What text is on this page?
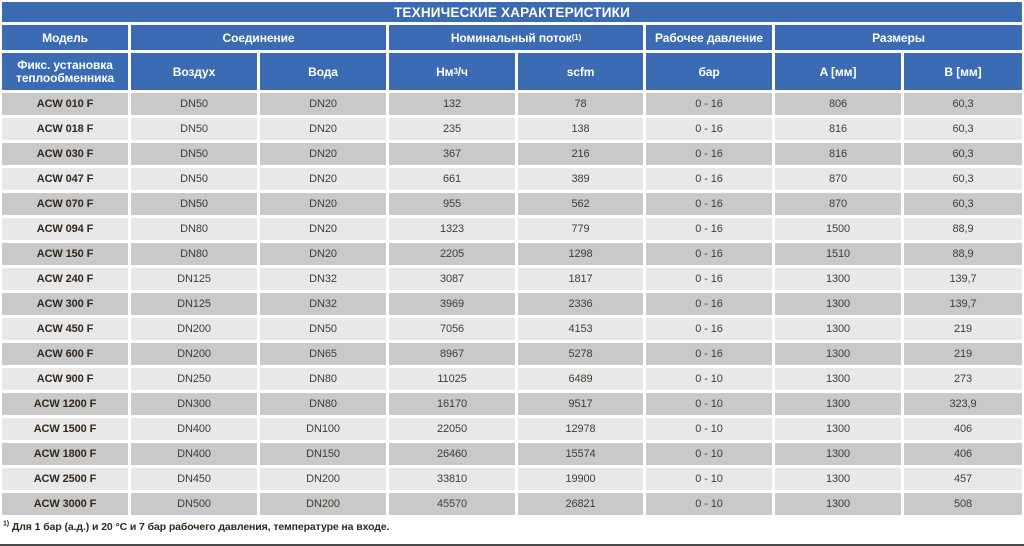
ТЕХНИЧЕСКИЕ ХАРАКТЕРИСТИКИ
Модель	Соединение	Номинальный поток (1)	Рабочее давление	Размеры
Фикс. установка теплообменника	Воздух	Вода	Нм 3 /ч	scfm	бар	A [мм]	B [мм]
ACW 010 F	DN50	DN20	132	78	0 - 16	806	60,3
ACW 018 F	DN50	DN20	235	138	0 - 16	816	60,3
ACW 030 F	DN50	DN20	367	216	0 - 16	816	60,3
ACW 047 F	DN50	DN20	661	389	0 - 16	870	60,3
ACW 070 F	DN50	DN20	955	562	0 - 16	870	60,3
ACW 094 F	DN80	DN20	1323	779	0 - 16	1500	88,9
ACW 150 F	DN80	DN20	2205	1298	0 - 16	1510	88,9
ACW 240 F	DN125	DN32	3087	1817	0 - 16	1300	139,7
ACW 300 F	DN125	DN32	3969	2336	0 - 16	1300	139,7
ACW 450 F	DN200	DN50	7056	4153	0 - 16	1300	219
ACW 600 F	DN200	DN65	8967	5278	0 - 16	1300	219
ACW 900 F	DN250	DN80	11025	6489	0 - 10	1300	273
ACW 1200 F	DN300	DN80	16170	9517	0 - 10	1300	323,9
ACW 1500 F	DN400	DN100	22050	12978	0 - 10	1300	406
ACW 1800 F	DN400	DN150	26460	15574	0 - 10	1300	406
ACW 2500 F	DN450	DN200	33810	19900	0 - 10	1300	457
ACW 3000 F	DN500	DN200	45570	26821	0 - 10	1300	508
$^{1)}$ Для 1 бар (а.д.) и 20 °C и 7 бар рабочего давления, температуре на входе.
